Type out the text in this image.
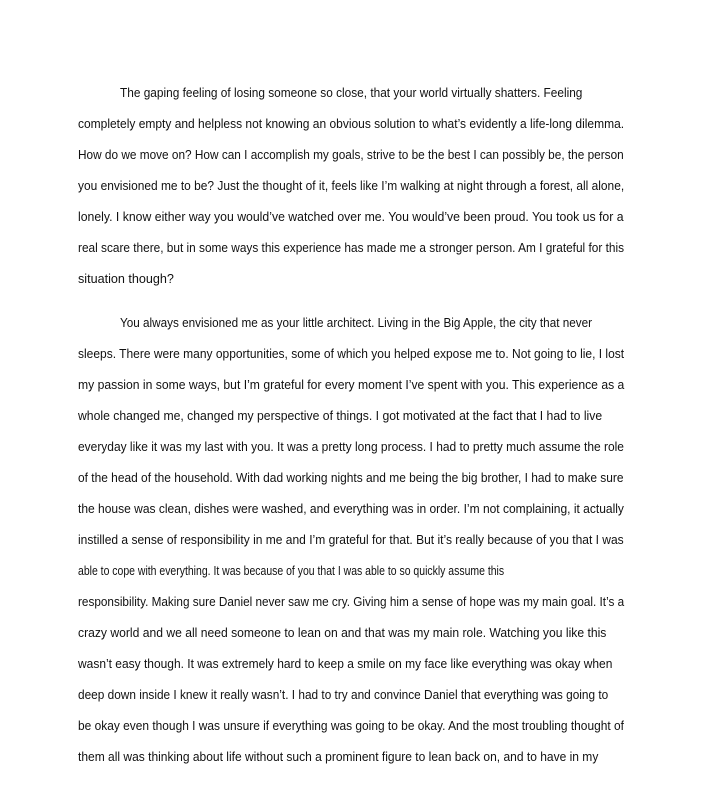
The gaping feeling of losing someone so close, that your world virtually shatters. Feeling
completely empty and helpless not knowing an obvious solution to what’s evidently a life-long dilemma.
How do we move on? How can I accomplish my goals, strive to be the best I can possibly be, the person
you envisioned me to be? Just the thought of it, feels like I’m walking at night through a forest, all alone,
lonely. I know either way you would’ve watched over me. You would’ve been proud. You took us for a
real scare there, but in some ways this experience has made me a stronger person. Am I grateful for this
situation though?
You always envisioned me as your little architect. Living in the Big Apple, the city that never
sleeps. There were many opportunities, some of which you helped expose me to. Not going to lie, I lost
my passion in some ways, but I’m grateful for every moment I’ve spent with you. This experience as a
whole changed me, changed my perspective of things. I got motivated at the fact that I had to live
everyday like it was my last with you. It was a pretty long process. I had to pretty much assume the role
of the head of the household. With dad working nights and me being the big brother, I had to make sure
the house was clean, dishes were washed, and everything was in order. I’m not complaining, it actually
instilled a sense of responsibility in me and I’m grateful for that. But it’s really because of you that I was
able to cope with everything. It was because of you that I was able to so quickly assume this
responsibility. Making sure Daniel never saw me cry. Giving him a sense of hope was my main goal. It’s a
crazy world and we all need someone to lean on and that was my main role. Watching you like this
wasn’t easy though. It was extremely hard to keep a smile on my face like everything was okay when
deep down inside I knew it really wasn’t. I had to try and convince Daniel that everything was going to
be okay even though I was unsure if everything was going to be okay. And the most troubling thought of
them all was thinking about life without such a prominent figure to lean back on, and to have in my
